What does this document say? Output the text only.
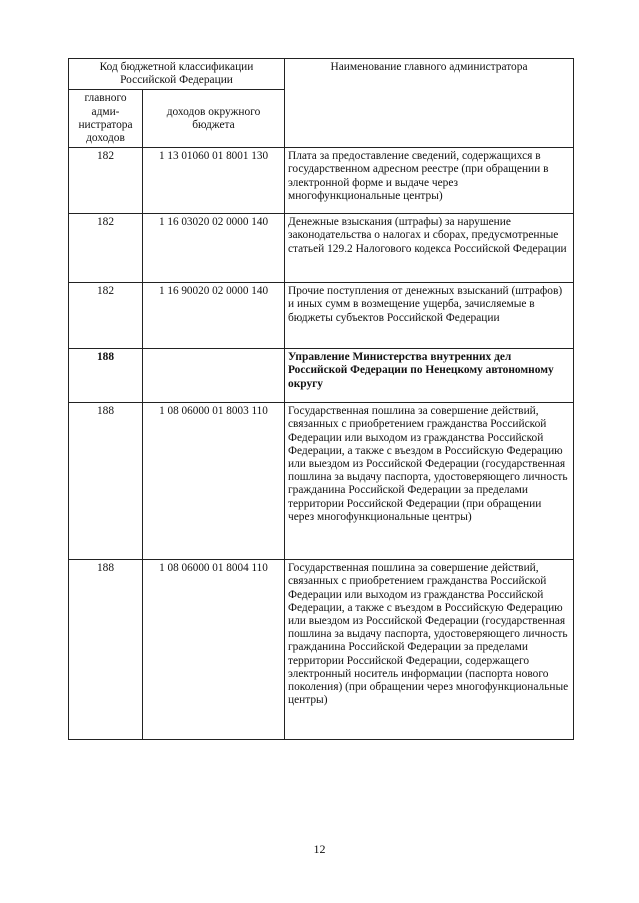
Код бюджетной классификации Российской Федерации		Наименование главного администратора
главного адми-нистратора доходов	доходов окружного бюджета	
182	1 13 01060 01 8001 130	Плата за предоставление сведений, содержащихся в государственном адресном реестре (при обращении в электронной форме и выдаче через многофункциональные центры)
182	1 16 03020 02 0000 140	Денежные взыскания (штрафы) за нарушение законодательства о налогах и сборах, предусмотренные статьей 129.2 Налогового кодекса Российской Федерации
182	1 16 90020 02 0000 140	Прочие поступления от денежных взысканий (штрафов) и иных сумм в возмещение ущерба, зачисляемые в бюджеты субъектов Российской Федерации
188		Управление Министерства внутренних дел Российской Федерации по Ненецкому автономному округу
188	1 08 06000 01 8003 110	Государственная пошлина за совершение действий, связанных с приобретением гражданства Российской Федерации или выходом из гражданства Российской Федерации, а также с въездом в Российскую Федерацию или выездом из Российской Федерации (государственная пошлина за выдачу паспорта, удостоверяющего личность гражданина Российской Федерации за пределами территории Российской Федерации (при обращении через многофункциональные центры)
188	1 08 06000 01 8004 110	Государственная пошлина за совершение действий, связанных с приобретением гражданства Российской Федерации или выходом из гражданства Российской Федерации, а также с въездом в Российскую Федерацию или выездом из Российской Федерации (государственная пошлина за выдачу паспорта, удостоверяющего личность гражданина Российской Федерации за пределами территории Российской Федерации, содержащего электронный носитель информации (паспорта нового поколения) (при обращении через многофункциональные центры)
12
